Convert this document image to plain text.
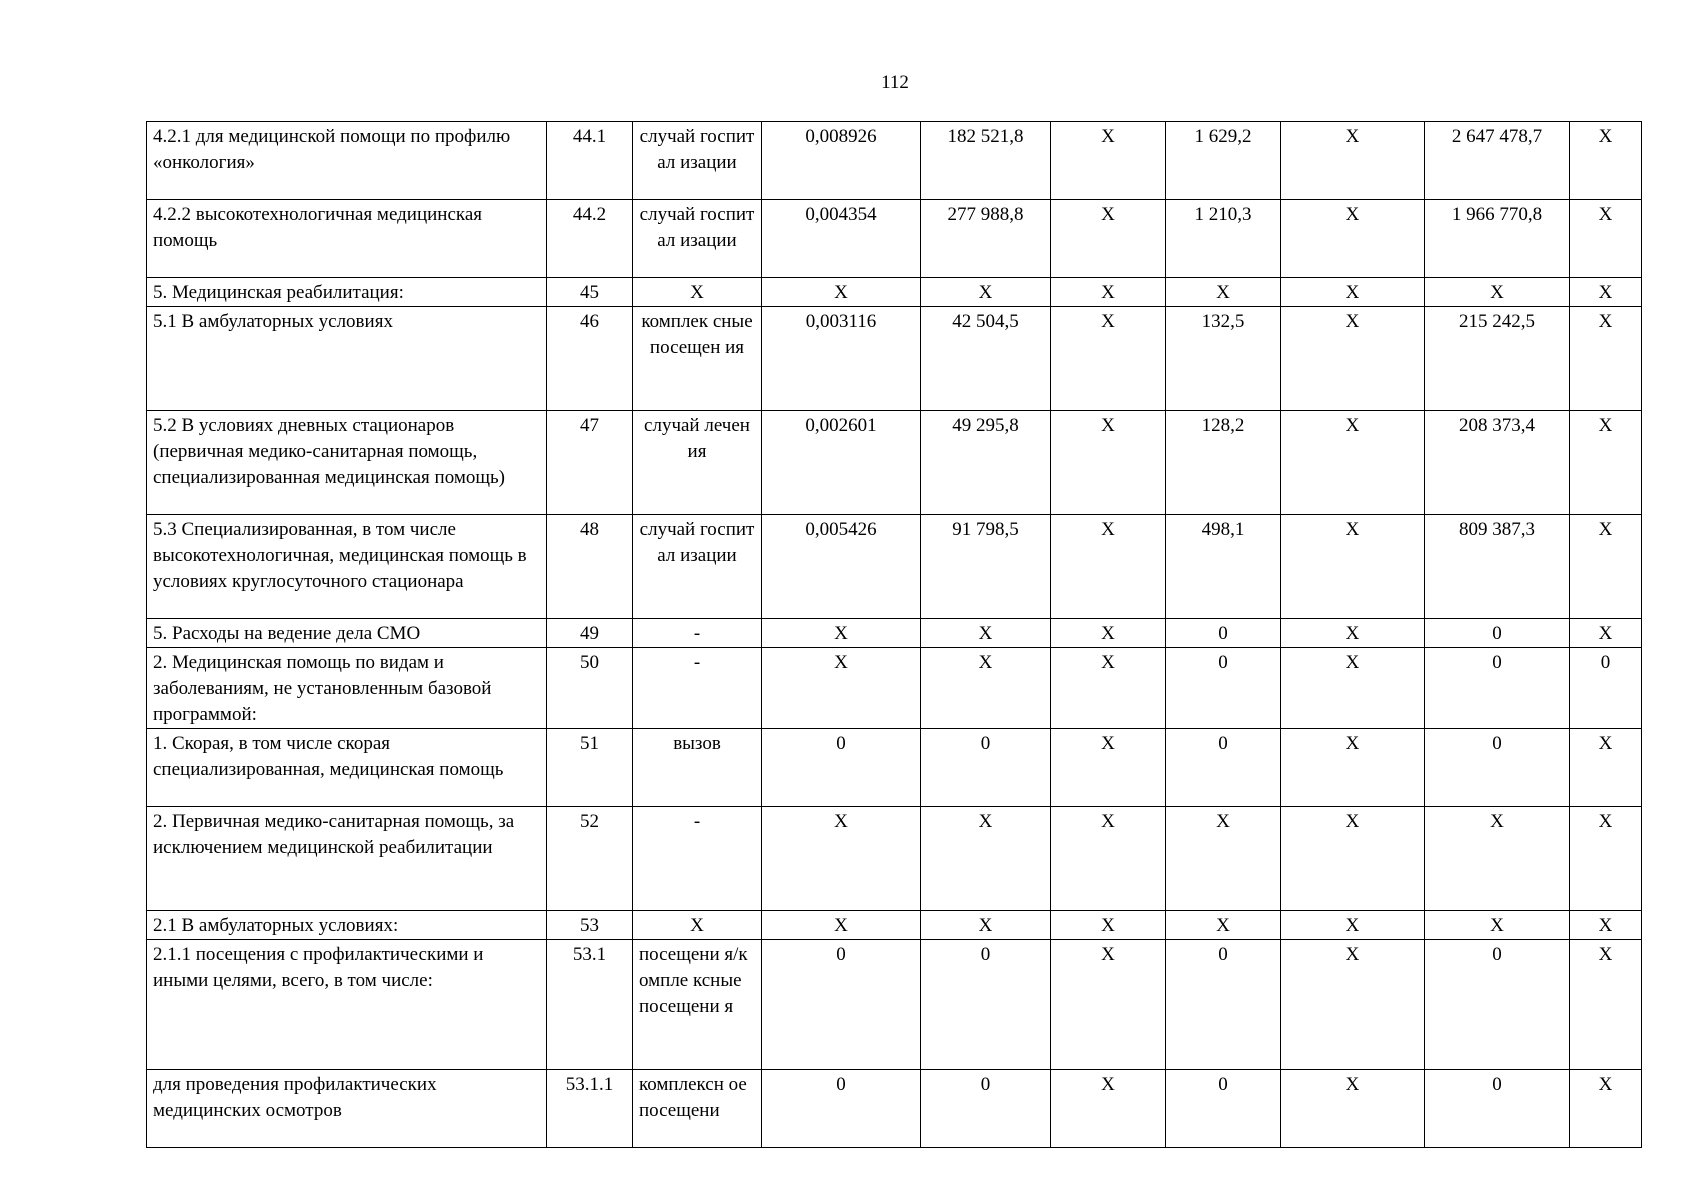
112
4.2.1 для медицинской помощи по профилю «онкология»	44.1	случай госпитал изации	0,008926	182 521,8	Х	1 629,2	Х	2 647 478,7	Х
4.2.2 высокотехнологичная медицинская помощь	44.2	случай госпитал изации	0,004354	277 988,8	Х	1 210,3	Х	1 966 770,8	Х
5. Медицинская реабилитация:	45	Х	Х	Х	Х	Х	Х	Х	Х
5.1 В амбулаторных условиях	46	комплек сные посещен ия	0,003116	42 504,5	Х	132,5	Х	215 242,5	Х
5.2 В условиях дневных стационаров (первичная медико-санитарная помощь, специализированная медицинская помощь)	47	случай лечения	0,002601	49 295,8	Х	128,2	Х	208 373,4	Х
5.3 Специализированная, в том числе высокотехнологичная, медицинская помощь в условиях круглосуточного стационара	48	случай госпитал изации	0,005426	91 798,5	Х	498,1	Х	809 387,3	Х
5. Расходы на ведение дела СМО	49	-	Х	Х	Х	0	Х	0	Х
2. Медицинская помощь по видам и заболеваниям, не установленным базовой программой:	50	-	Х	Х	Х	0	Х	0	0
1. Скорая, в том числе скорая специализированная, медицинская помощь	51	вызов	0	0	Х	0	Х	0	Х
2. Первичная медико-санитарная помощь, за исключением медицинской реабилитации	52	-	Х	Х	Х	Х	Х	Х	Х
2.1 В амбулаторных условиях:	53	Х	Х	Х	Х	Х	Х	Х	Х
2.1.1 посещения с профилактическими и иными целями, всего, в том числе:	53.1	посещени я/компле ксные посещени я	0	0	Х	0	Х	0	Х
для проведения профилактических медицинских осмотров	53.1.1	комплексн ое посещени	0	0	Х	0	Х	0	Х
